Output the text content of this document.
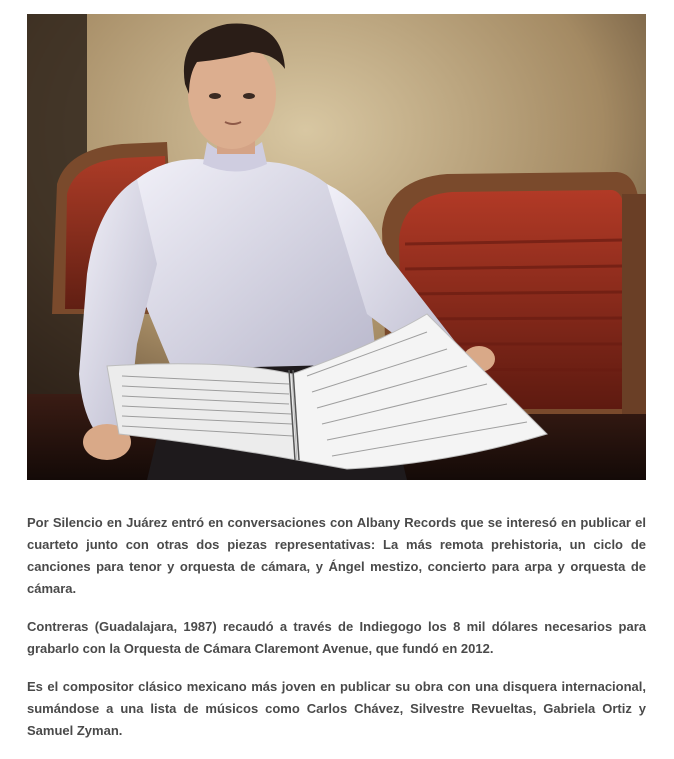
Por Silencio en Juárez entró en conversaciones con Albany Records que se interesó en publicar el cuarteto junto con otras dos piezas representativas: La más remota prehistoria, un ciclo de canciones para tenor y orquesta de cámara, y Ángel mestizo, concierto para arpa y orquesta de cámara.

Contreras (Guadalajara, 1987) recaudó a través de Indiegogo los 8 mil dólares necesarios para grabarlo con la Orquesta de Cámara Claremont Avenue, que fundó en 2012.

Es el compositor clásico mexicano más joven en publicar su obra con una disquera internacional, sumándose a una lista de músicos como Carlos Chávez, Silvestre Revueltas, Gabriela Ortiz y Samuel Zyman.
